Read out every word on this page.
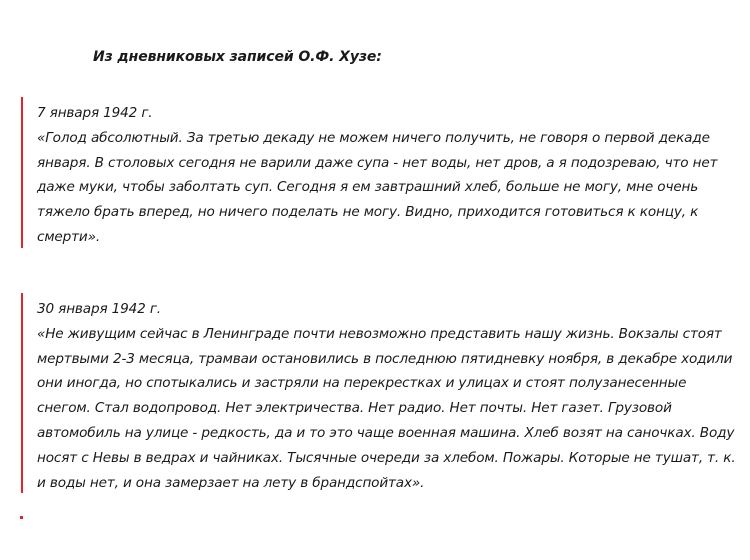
Из дневниковых записей О.Ф. Хузе:
7 января 1942 г.
«Голод абсолютный. За третью декаду не можем ничего получить, не говоря о первой декаде
января. В столовых сегодня не варили даже супа - нет воды, нет дров, а я подозреваю, что нет
даже муки, чтобы заболтать суп. Сегодня я ем завтрашний хлеб, больше не могу, мне очень
тяжело брать вперед, но ничего поделать не могу. Видно, приходится готовиться к концу, к
смерти».
30 января 1942 г.
«Не живущим сейчас в Ленинграде почти невозможно представить нашу жизнь. Вокзалы стоят
мертвыми 2-3 месяца, трамваи остановились в последнюю пятидневку ноября, в декабре ходили
они иногда, но спотыкались и застряли на перекрестках и улицах и стоят полузанесенные
снегом. Стал водопровод. Нет электричества. Нет радио. Нет почты. Нет газет. Грузовой
автомобиль на улице - редкость, да и то это чаще военная машина. Хлеб возят на саночках. Воду
носят с Невы в ведрах и чайниках. Тысячные очереди за хлебом. Пожары. Которые не тушат, т. к.
и воды нет, и она замерзает на лету в брандспойтах».
